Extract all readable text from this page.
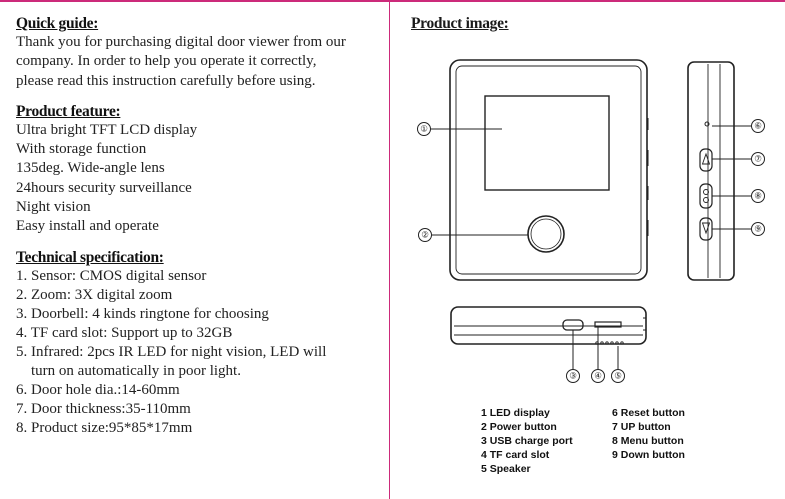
Quick guide:
Thank you for purchasing digital door viewer from our
company. In order to help you operate it correctly,
please read this instruction carefully before using.
Product feature:
Ultra bright TFT LCD display
With storage function
135deg. Wide-angle lens
24hours security surveillance
Night vision
Easy install and operate
Technical specification:
1. Sensor: CMOS digital sensor
2. Zoom: 3X digital zoom
3. Doorbell: 4 kinds ringtone for choosing
4. TF card slot: Support up to 32GB
5. Infrared: 2pcs IR LED for night vision, LED will
turn on automatically in poor light.
6. Door hole dia.:14-60mm
7. Door thickness:35-110mm
8. Product size:95*85*17mm
Product image:
①
②
③ ④ ⑤
⑥
⑦
⑧
⑨
1 LED display
2 Power button
3 USB charge port
4 TF card slot
5 Speaker
6 Reset button
7 UP button
8 Menu button
9 Down button
